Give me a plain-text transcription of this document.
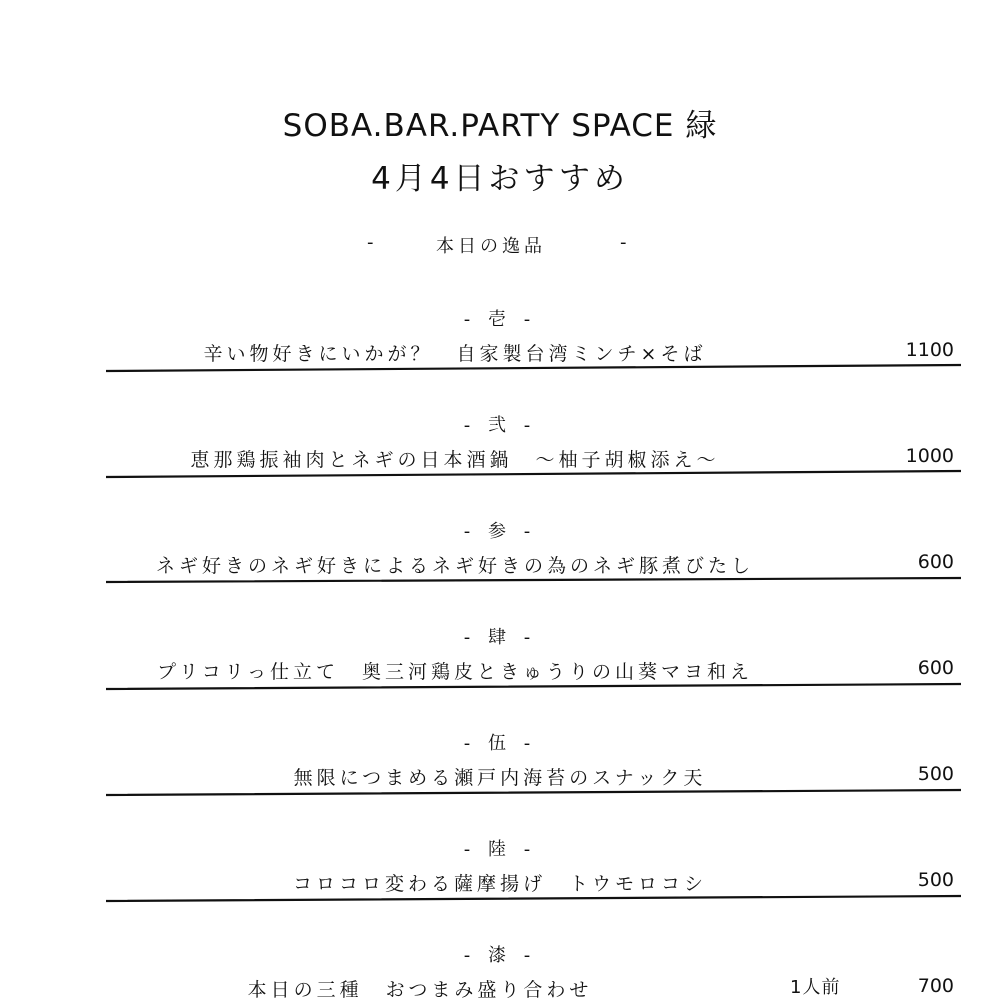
SOBA.BAR.PARTY SPACE 緑
4月4日おすすめ
-	本日の逸品	-
- 壱 -
辛い物好きにいかが？　自家製台湾ミンチ×そば	1100
- 弐 -
恵那鶏振袖肉とネギの日本酒鍋　～柚子胡椒添え～	1000
- 参 -
ネギ好きのネギ好きによるネギ好きの為のネギ豚煮びたし	600
- 肆 -
プリコリっ仕立て　奥三河鶏皮ときゅうりの山葵マヨ和え	600
- 伍 -
無限につまめる瀬戸内海苔のスナック天	500
- 陸 -
コロコロ変わる薩摩揚げ　トウモロコシ	500
- 漆 -
本日の三種　おつまみ盛り合わせ	1人前	700
